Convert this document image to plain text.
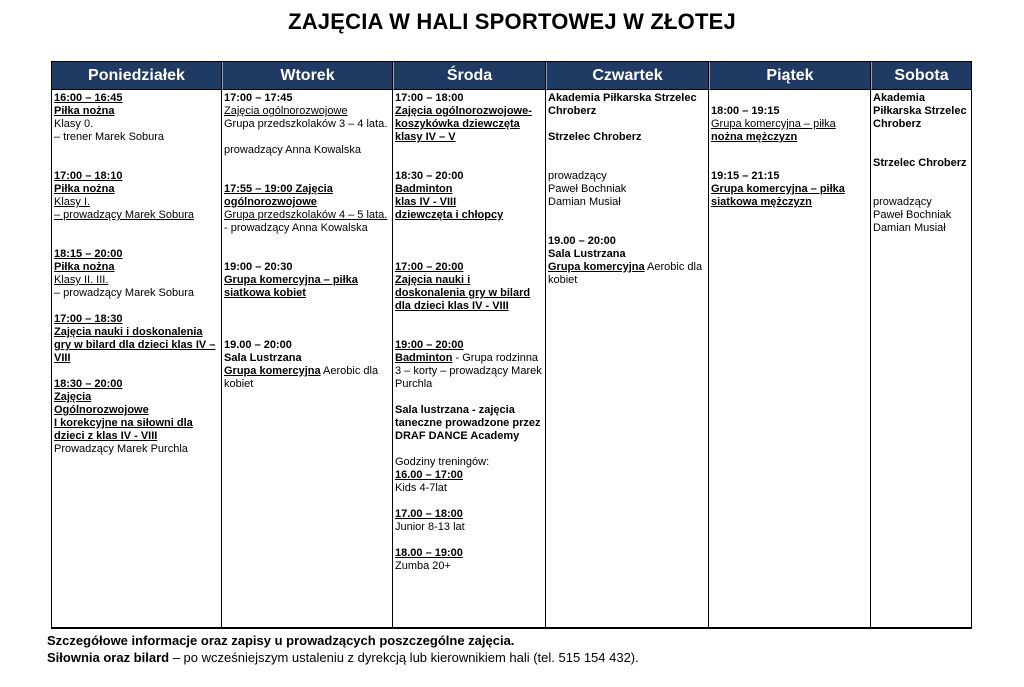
ZAJĘCIA W HALI SPORTOWEJ W ZŁOTEJ
Poniedziałek
16:00 – 16:45
Piłka nożna
Klasy 0.
– trener Marek Sobura
17:00 – 18:10
Piłka nożna
Klasy I.
– prowadzący Marek Sobura
18:15 – 20:00
Piłka nożna
Klasy II. III.
– prowadzący Marek Sobura
17:00 – 18:30
Zajęcia nauki i doskonalenia gry w bilard dla dzieci klas IV – VIII
18:30 – 20:00
Zajęcia
Ogólnorozwojowe
I korekcyjne na siłowni dla dzieci z klas IV - VIII
Prowadzący Marek Purchla
Wtorek
17:00 – 17:45
Zajęcia ogólnorozwojowe
Grupa przedszkolaków 3 – 4 lata.

prowadzący Anna Kowalska
17:55 – 19:00 Zajęcia ogólnorozwojowe
Grupa przedszkolaków 4 – 5 lata.
- prowadzący Anna Kowalska
19:00 – 20:30
Grupa komercyjna – piłka siatkowa kobiet
19.00 – 20:00
Sala Lustrzana
Grupa komercyjna Aerobic dla kobiet
Środa
17:00 – 18:00
Zajęcia ogólnorozwojowe- koszykówka dziewczęta klasy IV – V
18:30 – 20:00
Badminton
klas IV - VIII
dziewczęta i chłopcy
17:00 – 20:00
Zajęcia nauki i doskonalenia gry w bilard dla dzieci klas IV - VIII
19:00 – 20:00
Badminton - Grupa rodzinna 3 – korty – prowadzący Marek Purchla
Sala lustrzana - zajęcia taneczne prowadzone przez DRAF DANCE Academy
Godziny treningów:
16.00 – 17:00
Kids 4-7lat
17.00 – 18:00
Junior 8-13 lat
18.00 – 19:00
Zumba 20+
Czwartek
Akademia Piłkarska Strzelec Chroberz
Strzelec Chroberz
prowadzący
Paweł Bochniak
Damian Musiał
19.00 – 20:00
Sala Lustrzana
Grupa komercyjna Aerobic dla kobiet
Piątek
18:00 – 19:15
Grupa komercyjna – piłka nożna mężczyzn
19:15 – 21:15
Grupa komercyjna – piłka siatkowa mężczyzn
Sobota
Akademia Piłkarska Strzelec Chroberz
Strzelec Chroberz
prowadzący
Paweł Bochniak
Damian Musiał
Szczegółowe informacje oraz zapisy u prowadzących poszczególne zajęcia.
Siłownia oraz bilard – po wcześniejszym ustaleniu z dyrekcją lub kierownikiem hali (tel. 515 154 432).
